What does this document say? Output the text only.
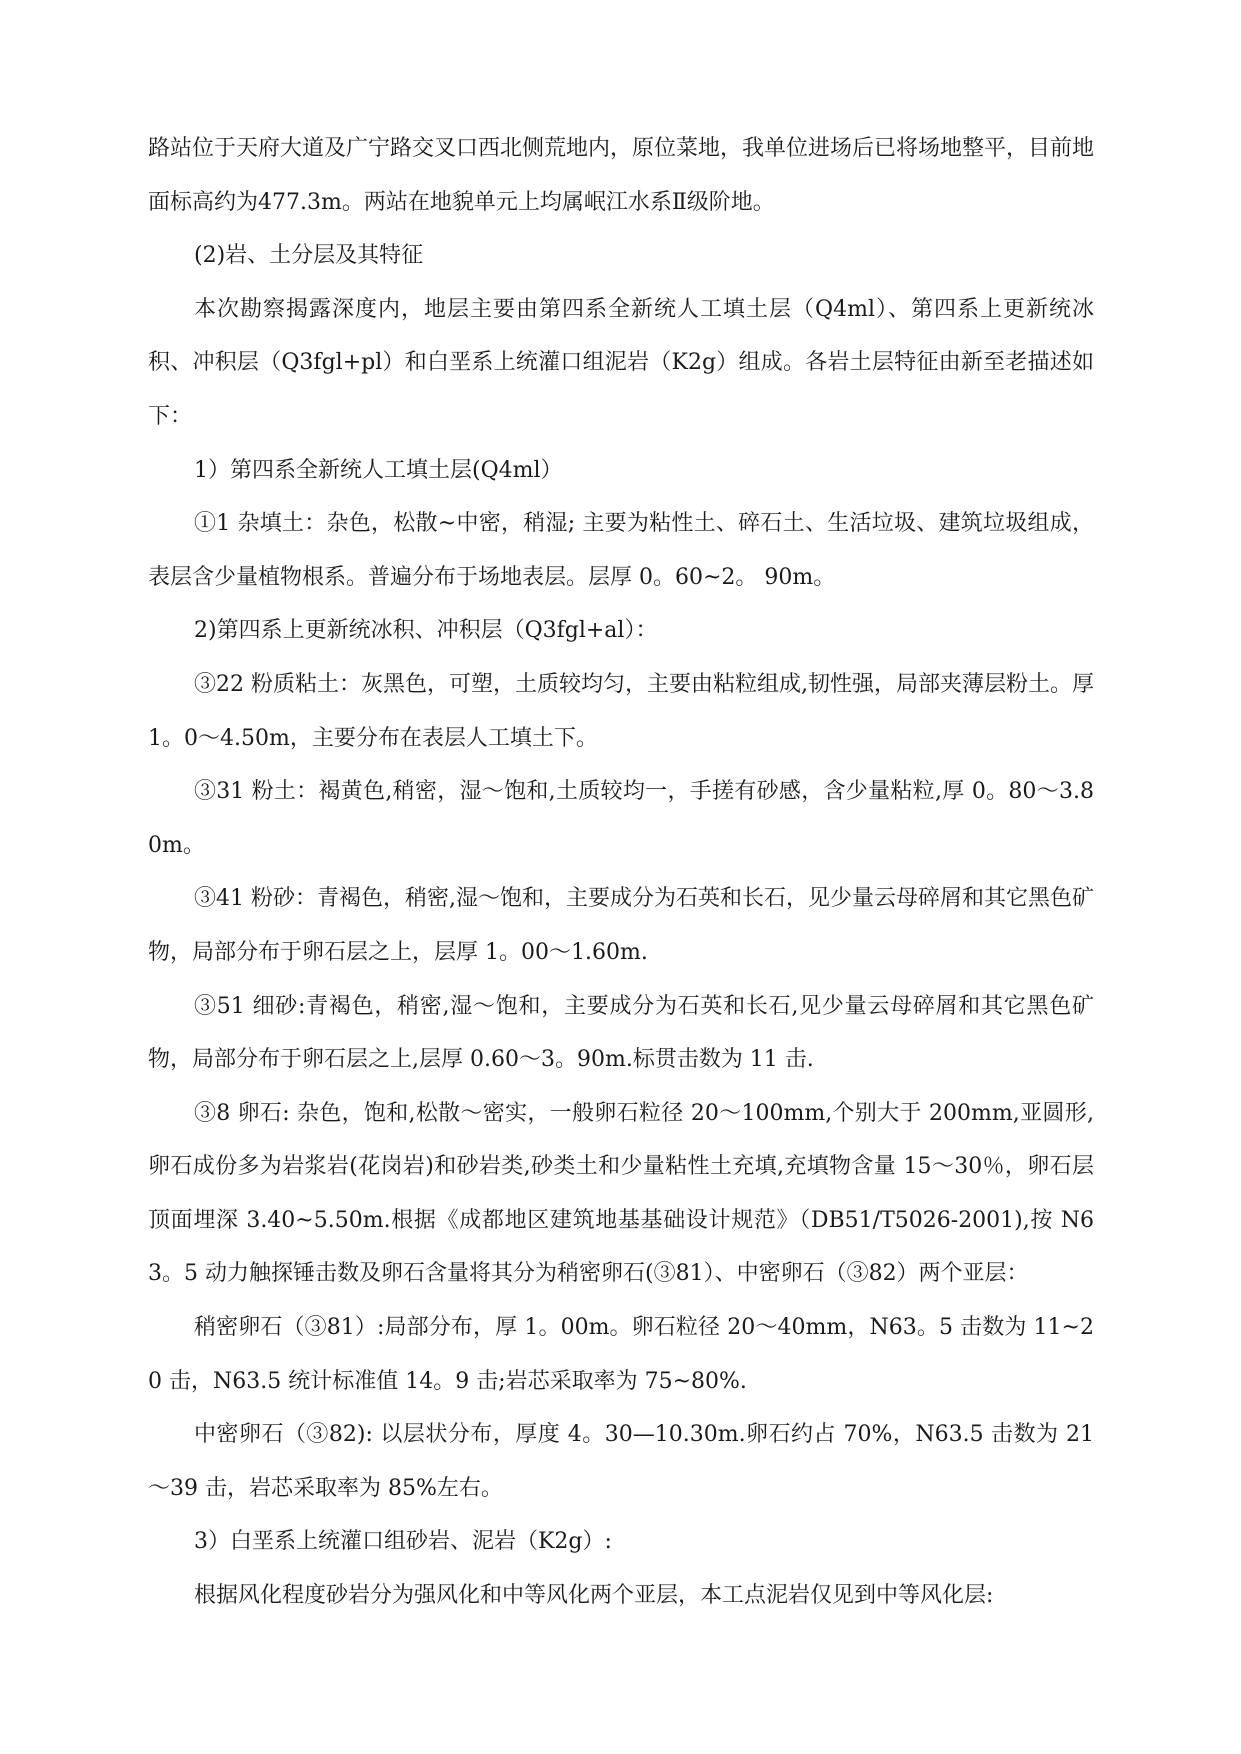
路站位于天府大道及广宁路交叉口西北侧荒地内，原位菜地，我单位进场后已将场地整平，目前地面标高约为477.3m。两站在地貌单元上均属岷江水系Ⅱ级阶地。

(2)岩、土分层及其特征

本次勘察揭露深度内，地层主要由第四系全新统人工填土层（Q4ml）、第四系上更新统冰积、冲积层（Q3fgl+pl）和白垩系上统灌口组泥岩（K2g）组成。各岩土层特征由新至老描述如下：

1）第四系全新统人工填土层(Q4ml）

①1 杂填土：杂色，松散~中密，稍湿; 主要为粘性土、碎石土、生活垃圾、建筑垃圾组成，表层含少量植物根系。普遍分布于场地表层。层厚 0。60~2。 90m。

2)第四系上更新统冰积、冲积层（Q3fgl+al）：

③22 粉质粘土：灰黑色，可塑，土质较均匀，主要由粘粒组成,韧性强，局部夹薄层粉土。厚 1。0～4.50m，主要分布在表层人工填土下。

③31 粉土：褐黄色,稍密，湿～饱和,土质较均一，手搓有砂感，含少量粘粒,厚 0。80～3.80m。

③41 粉砂：青褐色，稍密,湿～饱和，主要成分为石英和长石，见少量云母碎屑和其它黑色矿物，局部分布于卵石层之上，层厚 1。00～1.60m.

③51 细砂:青褐色，稍密,湿～饱和，主要成分为石英和长石,见少量云母碎屑和其它黑色矿物，局部分布于卵石层之上,层厚 0.60～3。90m.标贯击数为 11 击.

③8 卵石: 杂色，饱和,松散～密实，一般卵石粒径 20～100mm,个别大于 200mm,亚圆形,卵石成份多为岩浆岩(花岗岩)和砂岩类,砂类土和少量粘性土充填,充填物含量 15～30％，卵石层顶面埋深 3.40~5.50m.根据《成都地区建筑地基基础设计规范》（DB51/T5026-2001),按 N63。5 动力触探锤击数及卵石含量将其分为稍密卵石(③81）、中密卵石（③82）两个亚层：

稍密卵石（③81）:局部分布，厚 1。00m。卵石粒径 20～40mm，N63。5 击数为 11~20 击，N63.5 统计标准值 14。9 击;岩芯采取率为 75~80%.

中密卵石（③82): 以层状分布，厚度 4。30—10.30m.卵石约占 70%，N63.5 击数为 21～39 击，岩芯采取率为 85%左右。

3）白垩系上统灌口组砂岩、泥岩（K2g）:

根据风化程度砂岩分为强风化和中等风化两个亚层，本工点泥岩仅见到中等风化层:
